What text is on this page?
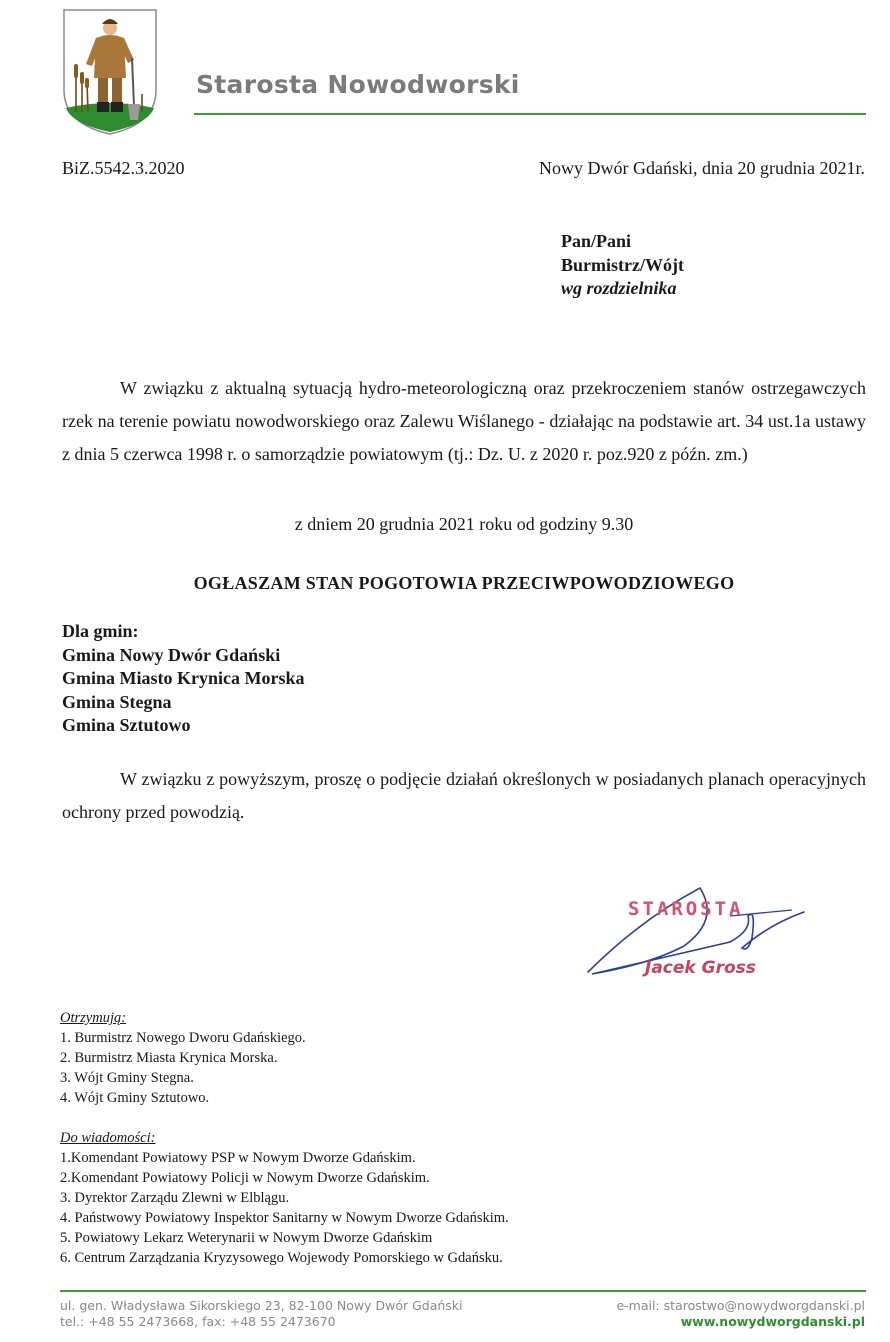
Starosta Nowodworski
BiZ.5542.3.2020	Nowy Dwór Gdański, dnia 20 grudnia 2021r.
Pan/Pani
Burmistrz/Wójt
wg rozdzielnika
W związku z aktualną sytuacją hydro-meteorologiczną oraz przekroczeniem stanów ostrzegawczych rzek na terenie powiatu nowodworskiego oraz Zalewu Wiślanego - działając na podstawie art. 34 ust.1a ustawy z dnia 5 czerwca 1998 r. o samorządzie powiatowym (tj.: Dz. U. z 2020 r. poz.920 z późn. zm.)
z dniem 20 grudnia 2021 roku od godziny 9.30
OGŁASZAM STAN POGOTOWIA PRZECIWPOWODZIOWEGO
Dla gmin:
Gmina Nowy Dwór Gdański
Gmina Miasto Krynica Morska
Gmina Stegna
Gmina Sztutowo
W związku z powyższym, proszę o podjęcie działań określonych w posiadanych planach operacyjnych ochrony przed powodzią.
STAROSTA
Jacek Gross
Otrzymują:
1. Burmistrz Nowego Dworu Gdańskiego.
2. Burmistrz Miasta Krynica Morska.
3. Wójt Gminy Stegna.
4. Wójt Gminy Sztutowo.
Do wiadomości:
1.Komendant Powiatowy PSP w Nowym Dworze Gdańskim.
2.Komendant Powiatowy Policji w Nowym Dworze Gdańskim.
3. Dyrektor Zarządu Zlewni w Elblągu.
4. Państwowy Powiatowy Inspektor Sanitarny w Nowym Dworze Gdańskim.
5. Powiatowy Lekarz Weterynarii w Nowym Dworze Gdańskim
6. Centrum Zarządzania Kryzysowego Wojewody Pomorskiego w Gdańsku.
ul. gen. Władysława Sikorskiego 23, 82-100 Nowy Dwór Gdański
tel.: +48 55 2473668, fax: +48 55 2473670
e-mail: starostwo@nowydworgdanski.pl
www.nowydworgdanski.pl
